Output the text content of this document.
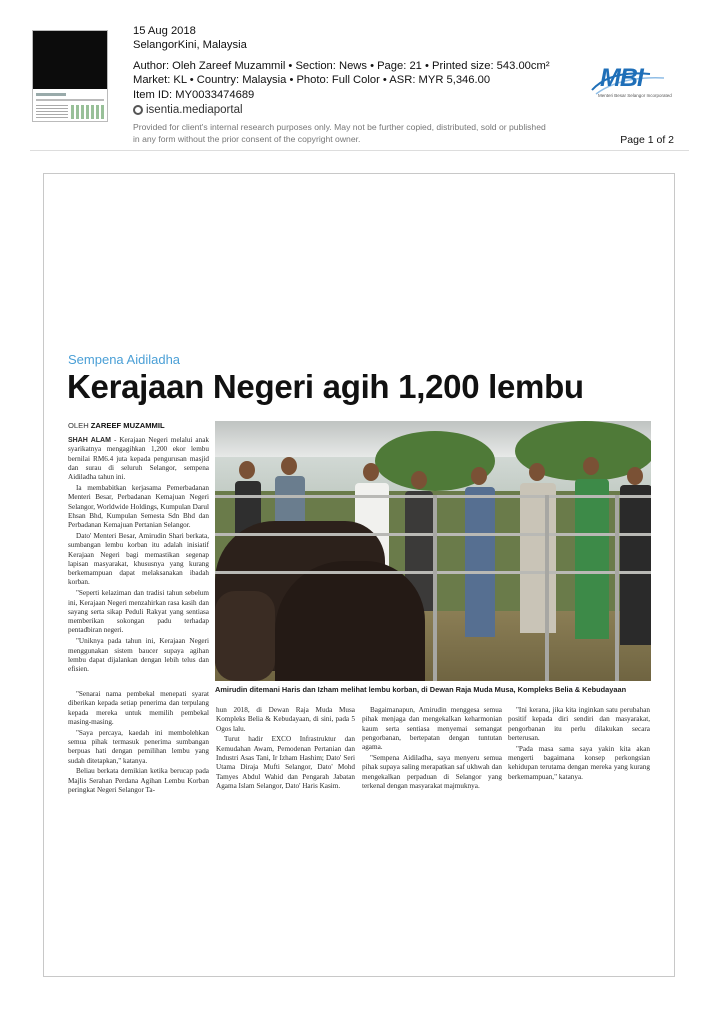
15 Aug 2018
SelangorKini, Malaysia
Author: Oleh Zareef Muzammil • Section: News • Page: 21 • Printed size: 543.00cm²
Market: KL • Country: Malaysia • Photo: Full Color • ASR: MYR 5,346.00
Item ID: MY0033474689
isentia.mediaportal
Provided for client's internal research purposes only. May not be further copied, distributed, sold or published in any form without the prior consent of the copyright owner.	Page 1 of 2
MBI
Menteri Besar Selangor Incorporated
Sempena Aidiladha
Kerajaan Negeri agih 1,200 lembu
OLEH ZAREEF MUZAMMIL

SHAH ALAM - Kerajaan Negeri melalui anak syarikatnya mengagihkan 1,200 ekor lembu bernilai RM6.4 juta kepada pengurusan masjid dan surau di seluruh Selangor, sempena Aidiladha tahun ini.

Ia membabitkan kerjasama Pemerbadanan Menteri Besar, Perbadanan Kemajuan Negeri Selangor, Worldwide Holdings, Kumpulan Darul Ehsan Bhd, Kumpulan Semesta Sdn Bhd dan Perbadanan Kemajuan Pertanian Selangor.

Dato' Menteri Besar, Amirudin Shari berkata, sumbangan lembu korban itu adalah inisiatif Kerajaan Negeri bagi memastikan segenap lapisan masyarakat, khususnya yang kurang berkemampuan dapat melaksanakan ibadah korban.

"Seperti kelaziman dan tradisi tahun sebelum ini, Kerajaan Negeri menzahirkan rasa kasih dan sayang serta sikap Peduli Rakyat yang sentiasa memberikan sokongan padu terhadap pentadbiran negeri.

"Uniknya pada tahun ini, Kerajaan Negeri menggunakan sistem baucer supaya agihan lembu dapat dijalankan dengan lebih telus dan efisien.

"Senarai nama pembekal menepati syarat diberikan kepada setiap penerima dan terpulang kepada mereka untuk memilih pembekal masing-masing.

"Saya percaya, kaedah ini membolehkan semua pihak termasuk penerima sumbangan berpuas hati dengan pemilihan lembu yang sudah ditetapkan," katanya.

Beliau berkata demikian ketika berucap pada Majlis Serahan Perdana Agihan Lembu Korban peringkat Negeri Selangor Ta-

Amirudin ditemani Haris dan Izham melihat lembu korban, di Dewan Raja Muda Musa, Kompleks Belia & Kebudayaan

hun 2018, di Dewan Raja Muda Musa Kompleks Belia & Kebudayaan, di sini, pada 5 Ogos lalu.

Turut hadir EXCO Infrastruktur dan Kemudahan Awam, Pemodenan Pertanian dan Industri Asas Tani, Ir Izham Hashim; Dato' Seri Utama Diraja Mufti Selangor, Dato' Mohd Tamyes Abdul Wahid dan Pengarah Jabatan Agama Islam Selangor, Dato' Haris Kasim.

Bagaimanapun, Amirudin menggesa semua pihak menjaga dan mengekalkan keharmonian kaum serta sentiasa menyemai semangat pengorbanan, bertepatan dengan tuntutan agama.

"Sempena Aidiladha, saya menyeru semua pihak supaya saling merapatkan saf ukhwah dan mengekalkan perpaduan di Selangor yang terkenal dengan masyarakat majmuknya.

"Ini kerana, jika kita inginkan satu perubahan positif kepada diri sendiri dan masyarakat, pengorbanan itu perlu dilakukan secara berterusan.

"Pada masa sama saya yakin kita akan mengerti bagaimana konsep perkongsian kehidupan terutama dengan mereka yang kurang berkemampuan," katanya.
